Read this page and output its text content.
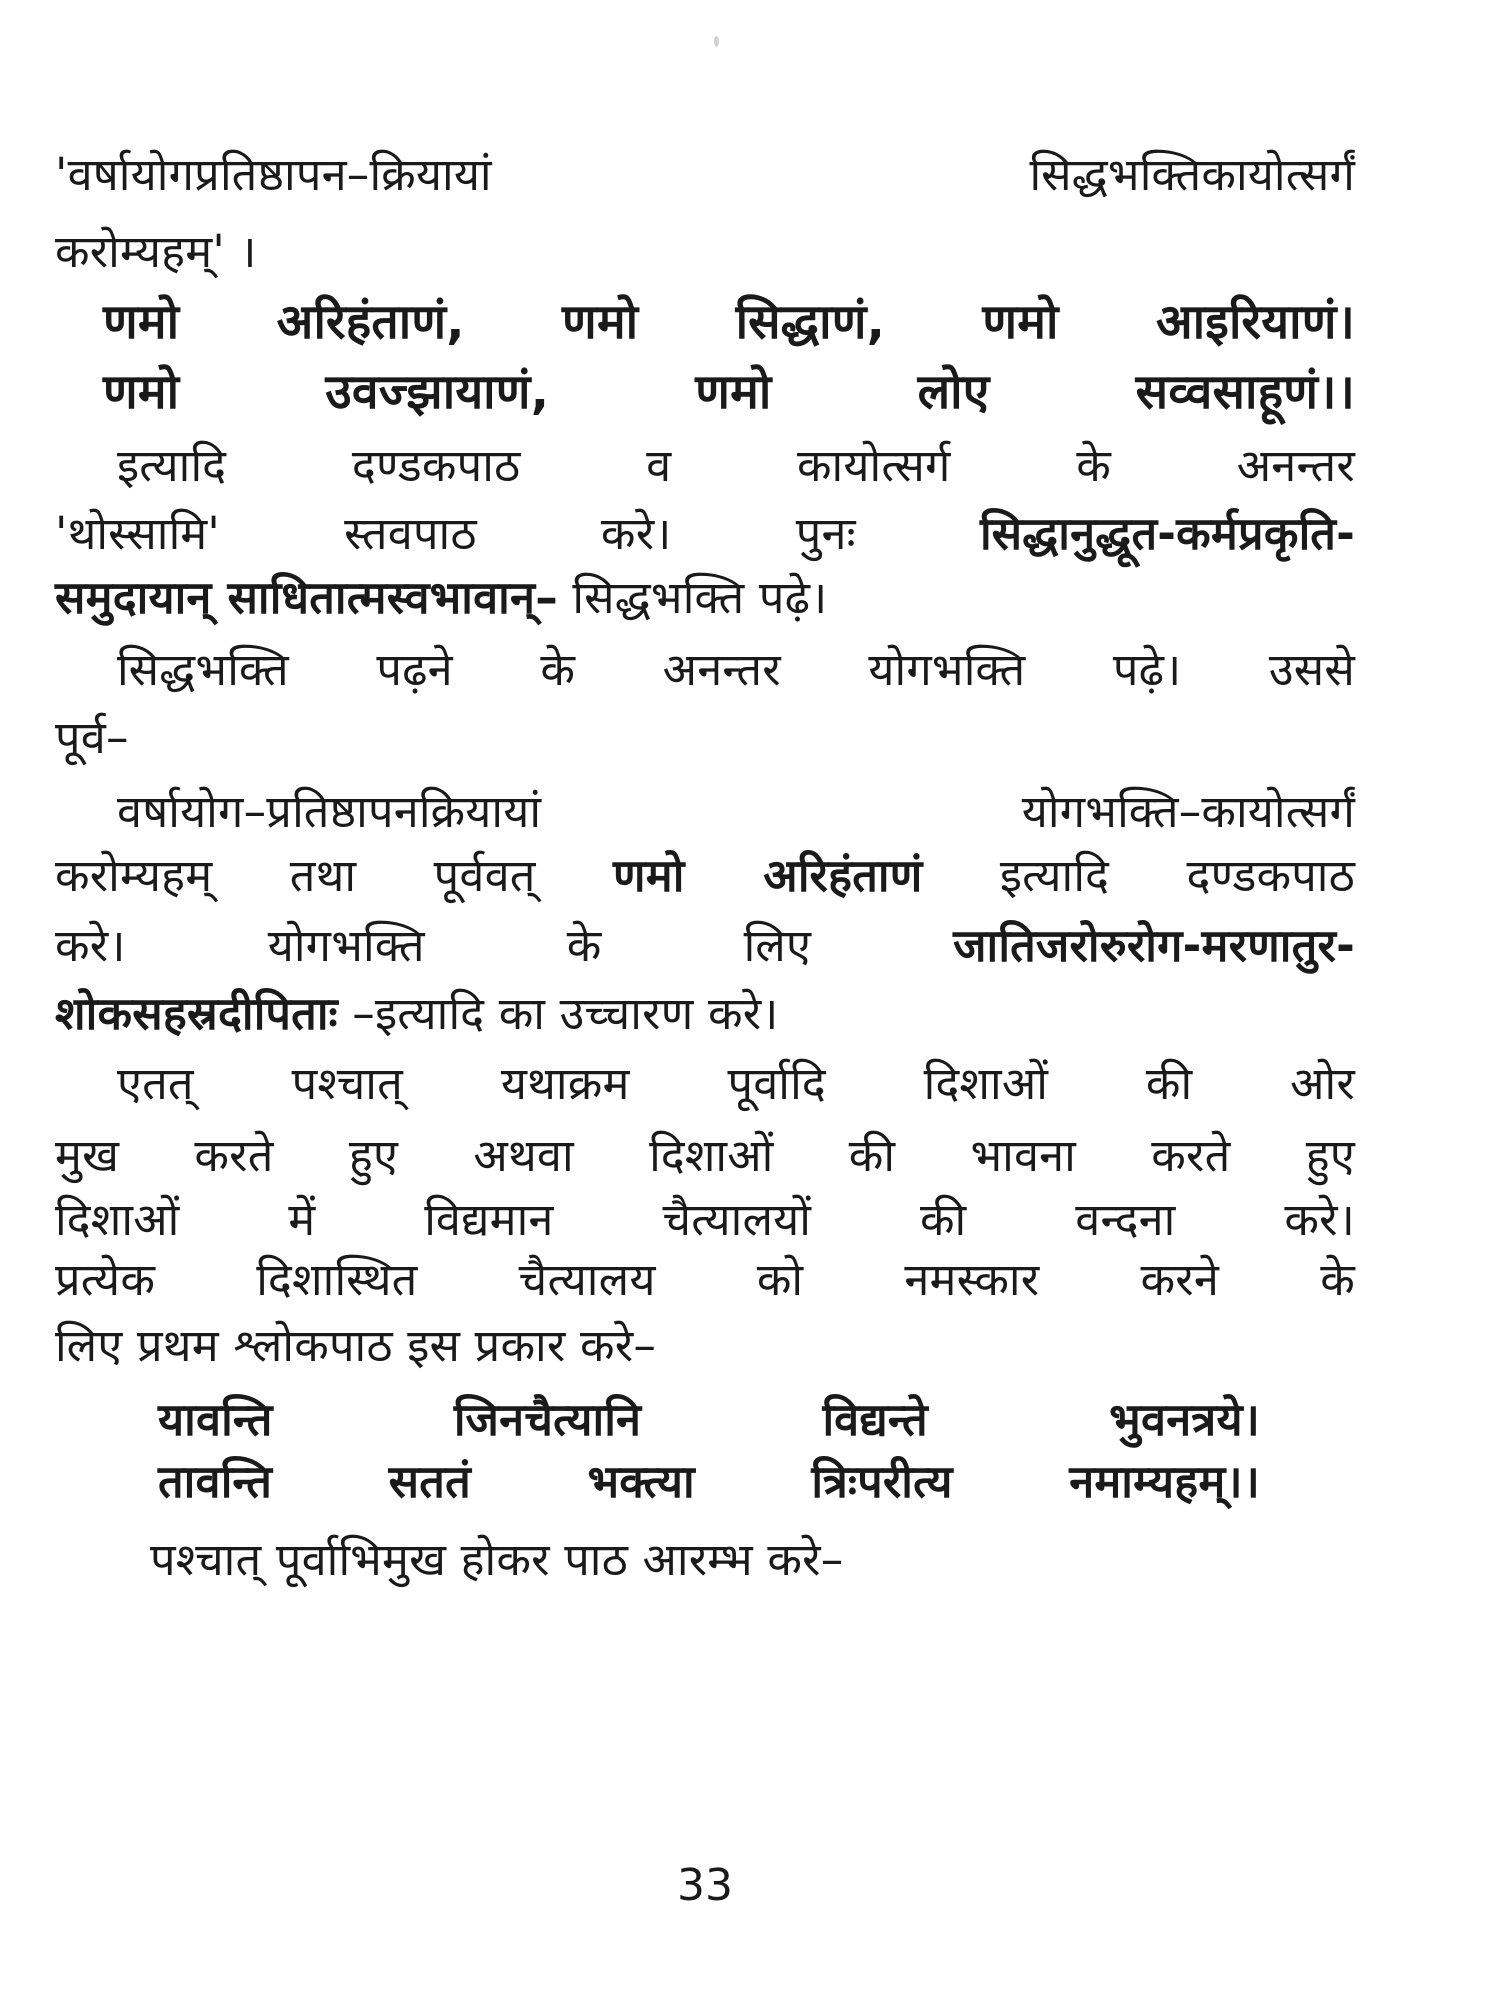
'वर्षायोगप्रतिष्ठापन–क्रियायां सिद्धभक्तिकायोत्सर्गं
करोम्यहम्' ।
णमो अरिहंताणं, णमो सिद्धाणं, णमो आइरियाणं।
णमो उवज्झायाणं, णमो लोए सव्वसाहूणं।।
इत्यादि दण्डकपाठ व कायोत्सर्ग के अनन्तर
'थोस्सामि' स्तवपाठ करे। पुनः सिद्धानुद्धूत-कर्मप्रकृति-
समुदायान् साधितात्मस्वभावान्– सिद्धभक्ति पढ़े।
सिद्धभक्ति पढ़ने के अनन्तर योगभक्ति पढ़े। उससे
पूर्व–
वर्षायोग–प्रतिष्ठापनक्रियायां योगभक्ति–कायोत्सर्गं
करोम्यहम् तथा पूर्ववत् णमो अरिहंताणं इत्यादि दण्डकपाठ
करे। योगभक्ति के लिए जातिजरोरुरोग-मरणातुर-
शोकसहस्रदीपिताः –इत्यादि का उच्चारण करे।
एतत् पश्चात् यथाक्रम पूर्वादि दिशाओं की ओर
मुख करते हुए अथवा दिशाओं की भावना करते हुए
दिशाओं में विद्यमान चैत्यालयों की वन्दना करे।
प्रत्येक दिशास्थित चैत्यालय को नमस्कार करने के
लिए प्रथम श्लोकपाठ इस प्रकार करे–
यावन्ति जिनचैत्यानि विद्यन्ते भुवनत्रये।
तावन्ति सततं भक्त्या त्रिःपरीत्य नमाम्यहम्।।
पश्चात् पूर्वाभिमुख होकर पाठ आरम्भ करे–
33
